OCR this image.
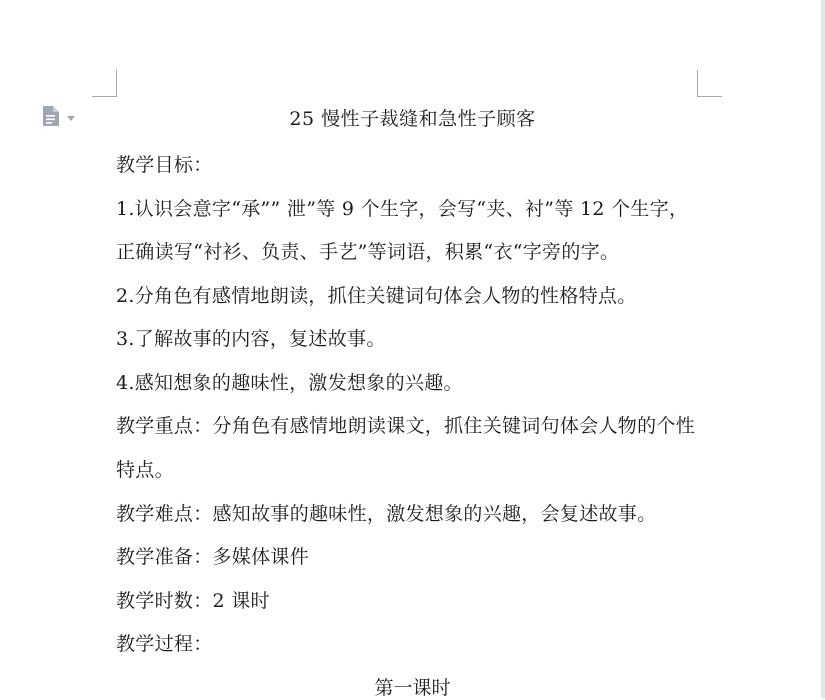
25 慢性子裁缝和急性子顾客
教学目标：
1.认识会意字“承”” 泄”等 9 个生字，会写“夹、衬”等 12 个生字，
正确读写“衬衫、负责、手艺”等词语，积累“衣“字旁的字。
2.分角色有感情地朗读，抓住关键词句体会人物的性格特点。
3.了解故事的内容，复述故事。
4.感知想象的趣味性，激发想象的兴趣。
教学重点：分角色有感情地朗读课文，抓住关键词句体会人物的个性
特点。
教学难点：感知故事的趣味性，激发想象的兴趣，会复述故事。
教学准备：多媒体课件
教学时数：2 课时
教学过程：
第一课时
